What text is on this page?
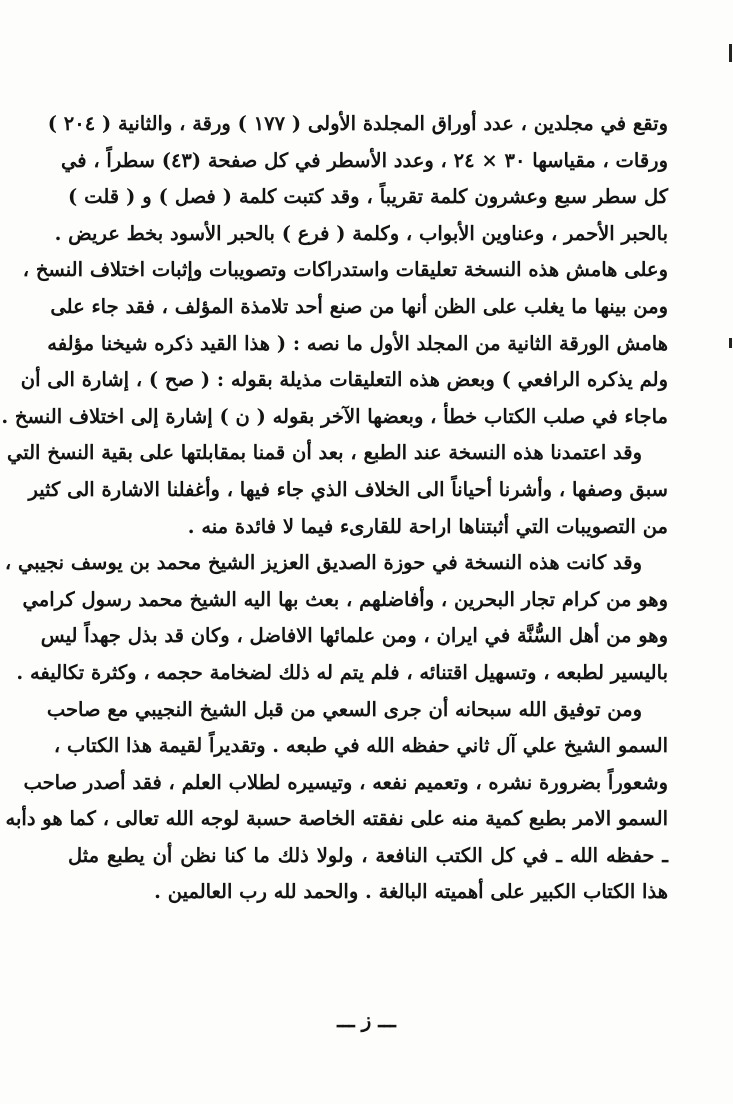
وتقع في مجلدين ، عدد أوراق المجلدة الأولى ( ١٧٧ ) ورقة ، والثانية ( ٢٠٤ )
ورقات ، مقياسها ٣٠ × ٢٤ ، وعدد الأسطر في كل صفحة (٤٣) سطراً ، في
كل سطر سبع وعشرون كلمة تقريباً ، وقد كتبت كلمة ( فصل ) و ( قلت )
بالحبر الأحمر ، وعناوين الأبواب ، وكلمة ( فرع ) بالحبر الأسود بخط عريض .
وعلى هامش هذه النسخة تعليقات واستدراكات وتصويبات وإثبات اختلاف النسخ ،
ومن بينها ما يغلب على الظن أنها من صنع أحد تلامذة المؤلف ، فقد جاء على
هامش الورقة الثانية من المجلد الأول ما نصه : ( هذا القيد ذكره شيخنا مؤلفه
ولم يذكره الرافعي ) وبعض هذه التعليقات مذيلة بقوله : ( صح ) ، إشارة الى أن
ماجاء في صلب الكتاب خطأ ، وبعضها الآخر بقوله ( ن ) إشارة إلى اختلاف النسخ .
وقد اعتمدنا هذه النسخة عند الطبع ، بعد أن قمنا بمقابلتها على بقية النسخ التي
سبق وصفها ، وأشرنا أحياناً الى الخلاف الذي جاء فيها ، وأغفلنا الاشارة الى كثير
من التصويبات التي أثبتناها اراحة للقارىء فيما لا فائدة منه .
وقد كانت هذه النسخة في حوزة الصديق العزيز الشيخ محمد بن يوسف نجيبي ،
وهو من كرام تجار البحرين ، وأفاضلهم ، بعث بها اليه الشيخ محمد رسول كرامي
وهو من أهل السُّنَّة في ايران ، ومن علمائها الافاضل ، وكان قد بذل جهداً ليس
باليسير لطبعه ، وتسهيل اقتنائه ، فلم يتم له ذلك لضخامة حجمه ، وكثرة تكاليفه .
ومن توفيق الله سبحانه أن جرى السعي من قبل الشيخ النجيبي مع صاحب
السمو الشيخ علي آل ثاني حفظه الله في طبعه . وتقديراً لقيمة هذا الكتاب ،
وشعوراً بضرورة نشره ، وتعميم نفعه ، وتيسيره لطلاب العلم ، فقد أصدر صاحب
السمو الامر بطبع كمية منه على نفقته الخاصة حسبة لوجه الله تعالى ، كما هو دأبه
ـ حفظه الله ـ في كل الكتب النافعة ، ولولا ذلك ما كنا نظن أن يطبع مثل
هذا الكتاب الكبير على أهميته البالغة . والحمد لله رب العالمين .
ـــ ز ـــ
